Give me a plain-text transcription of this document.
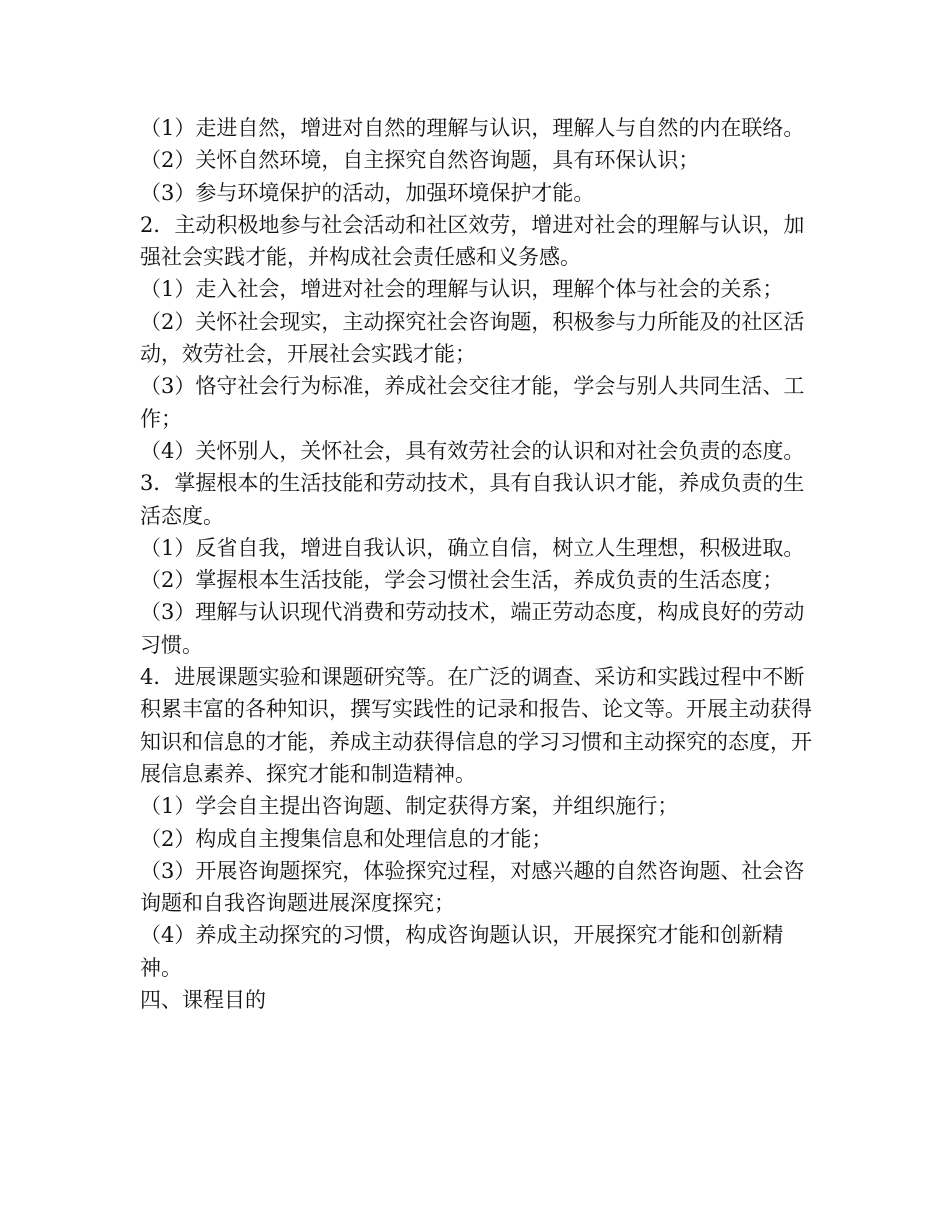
（1）走进自然，增进对自然的理解与认识，理解人与自然的内在联络。

（2）关怀自然环境，自主探究自然咨询题，具有环保认识；

（3）参与环境保护的活动，加强环境保护才能。

2．主动积极地参与社会活动和社区效劳，增进对社会的理解与认识，加强社会实践才能，并构成社会责任感和义务感。

（1）走入社会，增进对社会的理解与认识，理解个体与社会的关系；

（2）关怀社会现实，主动探究社会咨询题，积极参与力所能及的社区活动，效劳社会，开展社会实践才能；

（3）恪守社会行为标准，养成社会交往才能，学会与别人共同生活、工作；

（4）关怀别人，关怀社会，具有效劳社会的认识和对社会负责的态度。

3．掌握根本的生活技能和劳动技术，具有自我认识才能，养成负责的生活态度。

（1）反省自我，增进自我认识，确立自信，树立人生理想，积极进取。

（2）掌握根本生活技能，学会习惯社会生活，养成负责的生活态度；

（3）理解与认识现代消费和劳动技术，端正劳动态度，构成良好的劳动习惯。

4．进展课题实验和课题研究等。在广泛的调查、采访和实践过程中不断积累丰富的各种知识，撰写实践性的记录和报告、论文等。开展主动获得知识和信息的才能，养成主动获得信息的学习习惯和主动探究的态度，开展信息素养、探究才能和制造精神。

（1）学会自主提出咨询题、制定获得方案，并组织施行；

（2）构成自主搜集信息和处理信息的才能；

（3）开展咨询题探究，体验探究过程，对感兴趣的自然咨询题、社会咨询题和自我咨询题进展深度探究；

（4）养成主动探究的习惯，构成咨询题认识，开展探究才能和创新精神。

四、课程目的
